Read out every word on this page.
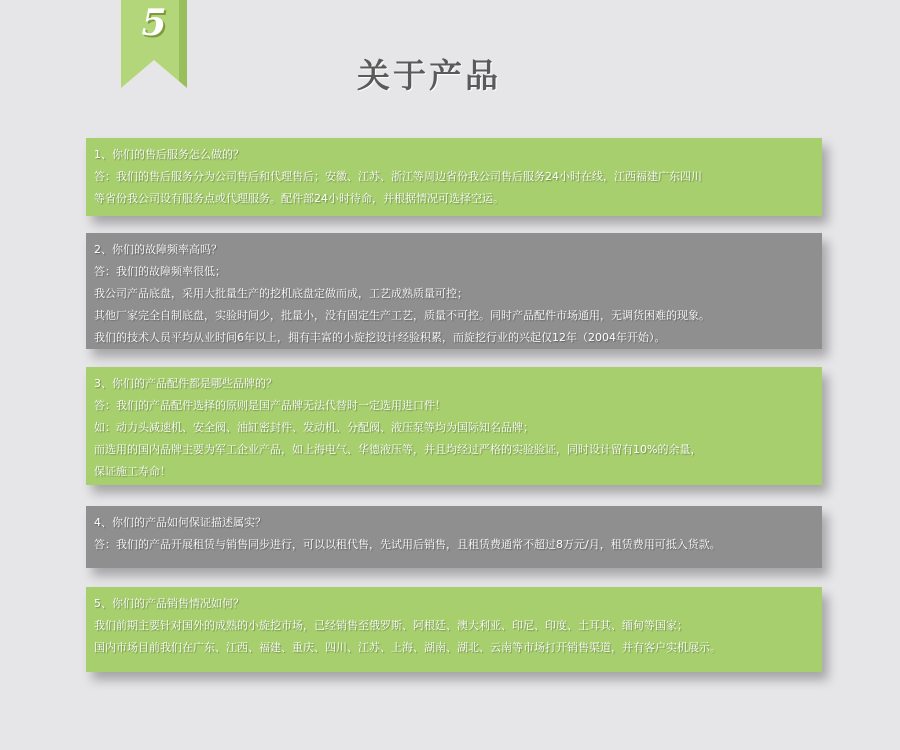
5
关于产品
1、你们的售后服务怎么做的？
答：我们的售后服务分为公司售后和代理售后；安徽、江苏、浙江等周边省份我公司售后服务24小时在线，江西福建广东四川
等省份我公司设有服务点或代理服务。配件部24小时待命，并根据情况可选择空运。
2、你们的故障频率高吗？
答：我们的故障频率很低；
我公司产品底盘，采用大批量生产的挖机底盘定做而成，工艺成熟质量可控；
其他厂家完全自制底盘，实验时间少，批量小，没有固定生产工艺，质量不可控。同时产品配件市场通用，无调货困难的现象。
我们的技术人员平均从业时间6年以上，拥有丰富的小旋挖设计经验积累，而旋挖行业的兴起仅12年（2004年开始）。
3、你们的产品配件都是哪些品牌的？
答：我们的产品配件选择的原则是国产品牌无法代替时一定选用进口件！
如：动力头减速机、安全阀、油缸密封件、发动机、分配阀、液压泵等均为国际知名品牌；
而选用的国内品牌主要为军工企业产品，如上海电气、华德液压等，并且均经过严格的实验验证，同时设计留有10%的余量，
保证施工寿命！
4、你们的产品如何保证描述属实？
答：我们的产品开展租赁与销售同步进行，可以以租代售，先试用后销售，且租赁费通常不超过8万元/月，租赁费用可抵入货款。
5、你们的产品销售情况如何？
我们前期主要针对国外的成熟的小旋挖市场，已经销售至俄罗斯、阿根廷、澳大利亚、印尼、印度、土耳其、缅甸等国家；
国内市场目前我们在广东、江西、福建、重庆、四川、江苏、上海、湖南、湖北、云南等市场打开销售渠道，并有客户实机展示。
